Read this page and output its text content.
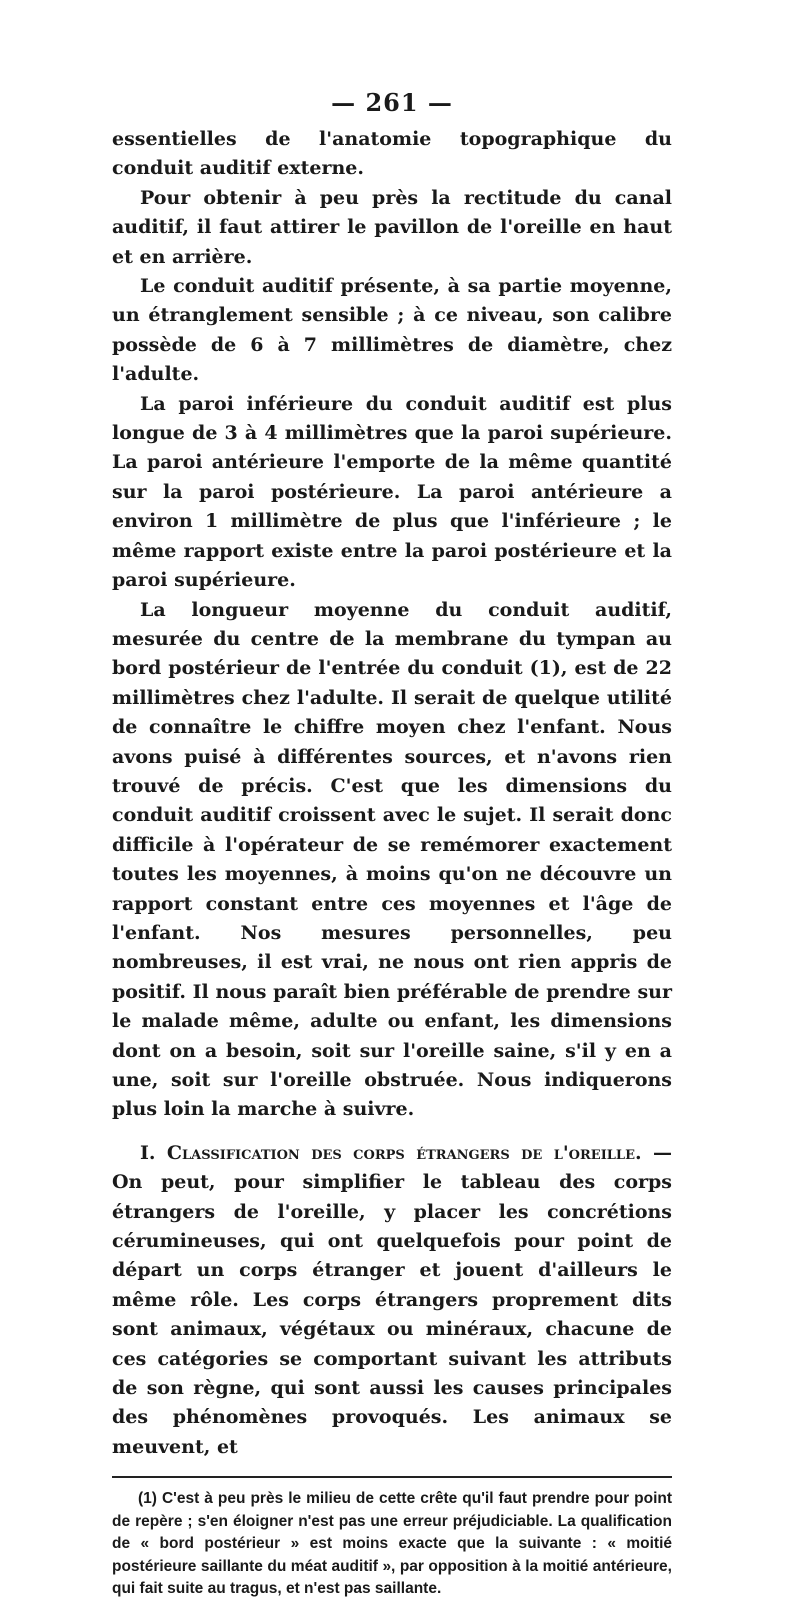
— 261 —

essentielles de l'anatomie topographique du conduit auditif externe.

Pour obtenir à peu près la rectitude du canal auditif, il faut attirer le pavillon de l'oreille en haut et en arrière.

Le conduit auditif présente, à sa partie moyenne, un étranglement sensible ; à ce niveau, son calibre possède de 6 à 7 millimètres de diamètre, chez l'adulte.

La paroi inférieure du conduit auditif est plus longue de 3 à 4 millimètres que la paroi supérieure. La paroi antérieure l'emporte de la même quantité sur la paroi postérieure. La paroi antérieure a environ 1 millimètre de plus que l'inférieure ; le même rapport existe entre la paroi postérieure et la paroi supérieure.

La longueur moyenne du conduit auditif, mesurée du centre de la membrane du tympan au bord postérieur de l'entrée du conduit (1), est de 22 millimètres chez l'adulte. Il serait de quelque utilité de connaître le chiffre moyen chez l'enfant. Nous avons puisé à différentes sources, et n'avons rien trouvé de précis. C'est que les dimensions du conduit auditif croissent avec le sujet. Il serait donc difficile à l'opérateur de se remémorer exactement toutes les moyennes, à moins qu'on ne découvre un rapport constant entre ces moyennes et l'âge de l'enfant. Nos mesures personnelles, peu nombreuses, il est vrai, ne nous ont rien appris de positif. Il nous paraît bien préférable de prendre sur le malade même, adulte ou enfant, les dimensions dont on a besoin, soit sur l'oreille saine, s'il y en a une, soit sur l'oreille obstruée. Nous indiquerons plus loin la marche à suivre.

I. Classification des corps étrangers de l'oreille. — On peut, pour simplifier le tableau des corps étrangers de l'oreille, y placer les concrétions cérumineuses, qui ont quelquefois pour point de départ un corps étranger et jouent d'ailleurs le même rôle. Les corps étrangers proprement dits sont animaux, végétaux ou minéraux, chacune de ces catégories se comportant suivant les attributs de son règne, qui sont aussi les causes principales des phénomènes provoqués. Les animaux se meuvent, et

(1) C'est à peu près le milieu de cette crête qu'il faut prendre pour point de repère ; s'en éloigner n'est pas une erreur préjudiciable. La qualification de « bord postérieur » est moins exacte que la suivante : « moitié postérieure saillante du méat auditif », par opposition à la moitié antérieure, qui fait suite au tragus, et n'est pas saillante.
